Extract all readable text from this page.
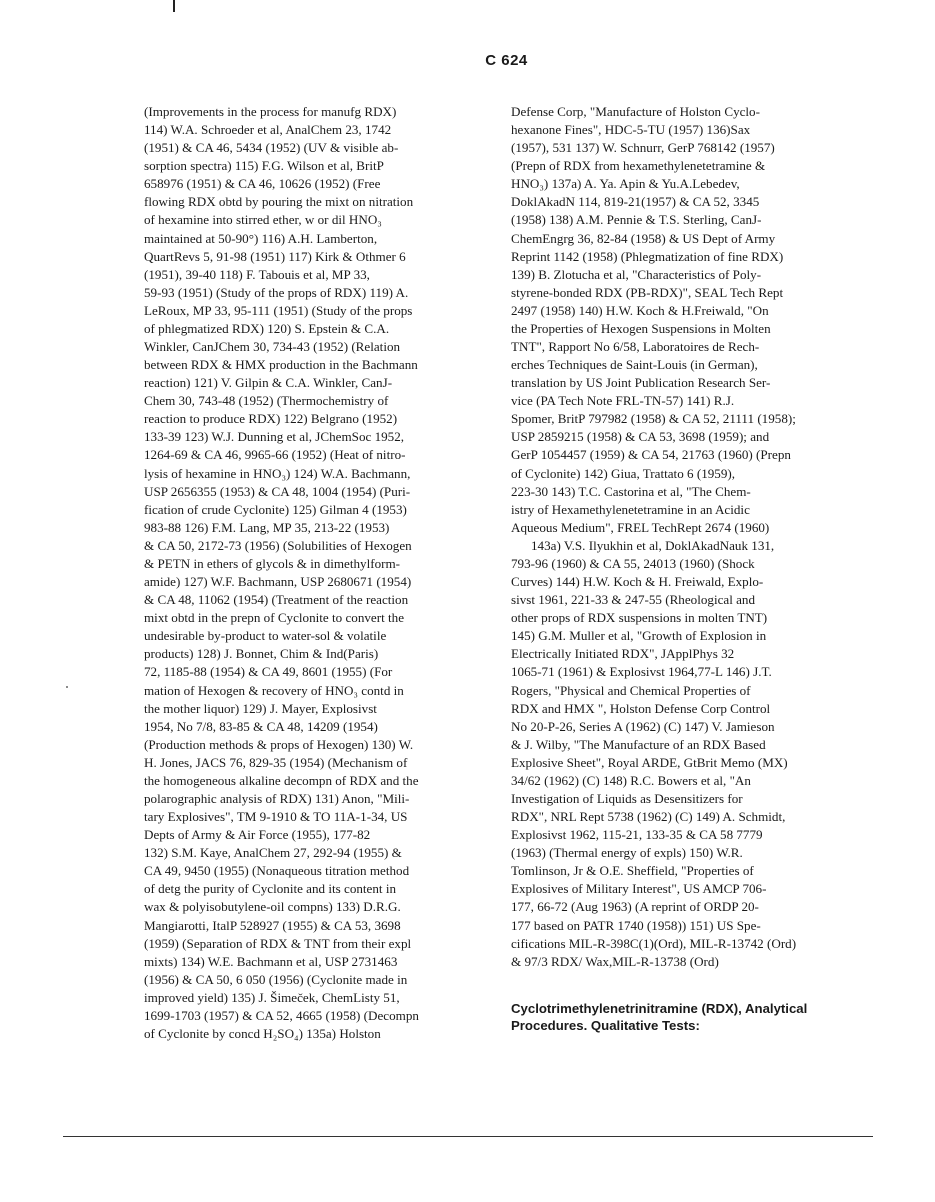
C 624
(Improvements in the process for manufg RDX)
114) W.A. Schroeder et al, AnalChem 23, 1742
(1951) & CA 46, 5434 (1952) (UV & visible ab-
sorption spectra) 115) F.G. Wilson et al, BritP
658976 (1951) & CA 46, 10626 (1952) (Free
flowing RDX obtd by pouring the mixt on nitration
of hexamine into stirred ether, w or dil HNO₃
maintained at 50-90°) 116) A.H. Lamberton,
QuartRevs 5, 91-98 (1951) 117) Kirk & Othmer 6
(1951), 39-40 118) F. Tabouis et al, MP 33,
59-93 (1951) (Study of the props of RDX) 119) A.
LeRoux, MP 33, 95-111 (1951) (Study of the props
of phlegmatized RDX) 120) S. Epstein & C.A.
Winkler, CanJChem 30, 734-43 (1952) (Relation
between RDX & HMX production in the Bachmann
reaction) 121) V. Gilpin & C.A. Winkler, CanJ-
Chem 30, 743-48 (1952) (Thermochemistry of
reaction to produce RDX) 122) Belgrano (1952)
133-39 123) W.J. Dunning et al, JChemSoc 1952,
1264-69 & CA 46, 9965-66 (1952) (Heat of nitro-
lysis of hexamine in HNO₃) 124) W.A. Bachmann,
USP 2656355 (1953) & CA 48, 1004 (1954) (Puri-
fication of crude Cyclonite) 125) Gilman 4 (1953)
983-88 126) F.M. Lang, MP 35, 213-22 (1953)
& CA 50, 2172-73 (1956) (Solubilities of Hexogen
& PETN in ethers of glycols & in dimethylform-
amide) 127) W.F. Bachmann, USP 2680671 (1954)
& CA 48, 11062 (1954) (Treatment of the reaction
mixt obtd in the prepn of Cyclonite to convert the
undesirable by-product to water-sol & volatile
products) 128) J. Bonnet, Chim & Ind(Paris)
72, 1185-88 (1954) & CA 49, 8601 (1955) (For
mation of Hexogen & recovery of HNO₃ contd in
the mother liquor) 129) J. Mayer, Explosivst
1954, No 7/8, 83-85 & CA 48, 14209 (1954)
(Production methods & props of Hexogen) 130) W.
H. Jones, JACS 76, 829-35 (1954) (Mechanism of
the homogeneous alkaline decompn of RDX and the
polarographic analysis of RDX) 131) Anon, "Mili-
tary Explosives", TM 9-1910 & TO 11A-1-34, US
Depts of Army & Air Force (1955), 177-82
132) S.M. Kaye, AnalChem 27, 292-94 (1955) &
CA 49, 9450 (1955) (Nonaqueous titration method
of detg the purity of Cyclonite and its content in
wax & polyisobutylene-oil compns) 133) D.R.G.
Mangiarotti, ItalP 528927 (1955) & CA 53, 3698
(1959) (Separation of RDX & TNT from their expl
mixts) 134) W.E. Bachmann et al, USP 2731463
(1956) & CA 50, 6 050 (1956) (Cyclonite made in
improved yield) 135) J. Šimeček, ChemListy 51,
1699-1703 (1957) & CA 52, 4665 (1958) (Decompn
of Cyclonite by concd H₂SO₄) 135a) Holston
Defense Corp, "Manufacture of Holston Cyclo-
hexanone Fines", HDC-5-TU (1957) 136)Sax
(1957), 531 137) W. Schnurr, GerP 768142 (1957)
(Prepn of RDX from hexamethylenetetramine &
HNO₃) 137a) A. Ya. Apin & Yu.A.Lebedev,
DoklAkadN 114, 819-21(1957) & CA 52, 3345
(1958) 138) A.M. Pennie & T.S. Sterling, CanJ-
ChemEngrg 36, 82-84 (1958) & US Dept of Army
Reprint 1142 (1958) (Phlegmatization of fine RDX)
139) B. Zlotucha et al, "Characteristics of Poly-
styrene-bonded RDX (PB-RDX)", SEAL Tech Rept
2497 (1958) 140) H.W. Koch & H.Freiwald, "On
the Properties of Hexogen Suspensions in Molten
TNT", Rapport No 6/58, Laboratoires de Rech-
erches Techniques de Saint-Louis (in German),
translation by US Joint Publication Research Ser-
vice (PA Tech Note FRL-TN-57) 141) R.J.
Spomer, BritP 797982 (1958) & CA 52, 21111 (1958);
USP 2859215 (1958) & CA 53, 3698 (1959); and
GerP 1054457 (1959) & CA 54, 21763 (1960) (Prepn
of Cyclonite) 142) Giua, Trattato 6 (1959),
223-30 143) T.C. Castorina et al, "The Chem-
istry of Hexamethylenetetramine in an Acidic
Aqueous Medium", FREL TechRept 2674 (1960)
143a) V.S. Ilyukhin et al, DoklAkadNauk 131,
793-96 (1960) & CA 55, 24013 (1960) (Shock
Curves) 144) H.W. Koch & H. Freiwald, Explo-
sivst 1961, 221-33 & 247-55 (Rheological and
other props of RDX suspensions in molten TNT)
145) G.M. Muller et al, "Growth of Explosion in
Electrically Initiated RDX", JApplPhys 32
1065-71 (1961) & Explosivst 1964,77-L 146) J.T.
Rogers, "Physical and Chemical Properties of
RDX and HMX ", Holston Defense Corp Control
No 20-P-26, Series A (1962) (C) 147) V. Jamieson
& J. Wilby, "The Manufacture of an RDX Based
Explosive Sheet", Royal ARDE, GtBrit Memo (MX)
34/62 (1962) (C) 148) R.C. Bowers et al, "An
Investigation of Liquids as Desensitizers for
RDX", NRL Rept 5738 (1962) (C) 149) A. Schmidt,
Explosivst 1962, 115-21, 133-35 & CA 58 7779
(1963) (Thermal energy of expls) 150) W.R.
Tomlinson, Jr & O.E. Sheffield, "Properties of
Explosives of Military Interest", US AMCP 706-
177, 66-72 (Aug 1963) (A reprint of ORDP 20-
177 based on PATR 1740 (1958)) 151) US Spe-
cifications MIL-R-398C(1)(Ord), MIL-R-13742 (Ord)
& 97/3 RDX/ Wax,MIL-R-13738 (Ord)
Cyclotrimethylenetrinitramine (RDX), Analytical
Procedures. Qualitative Tests:
